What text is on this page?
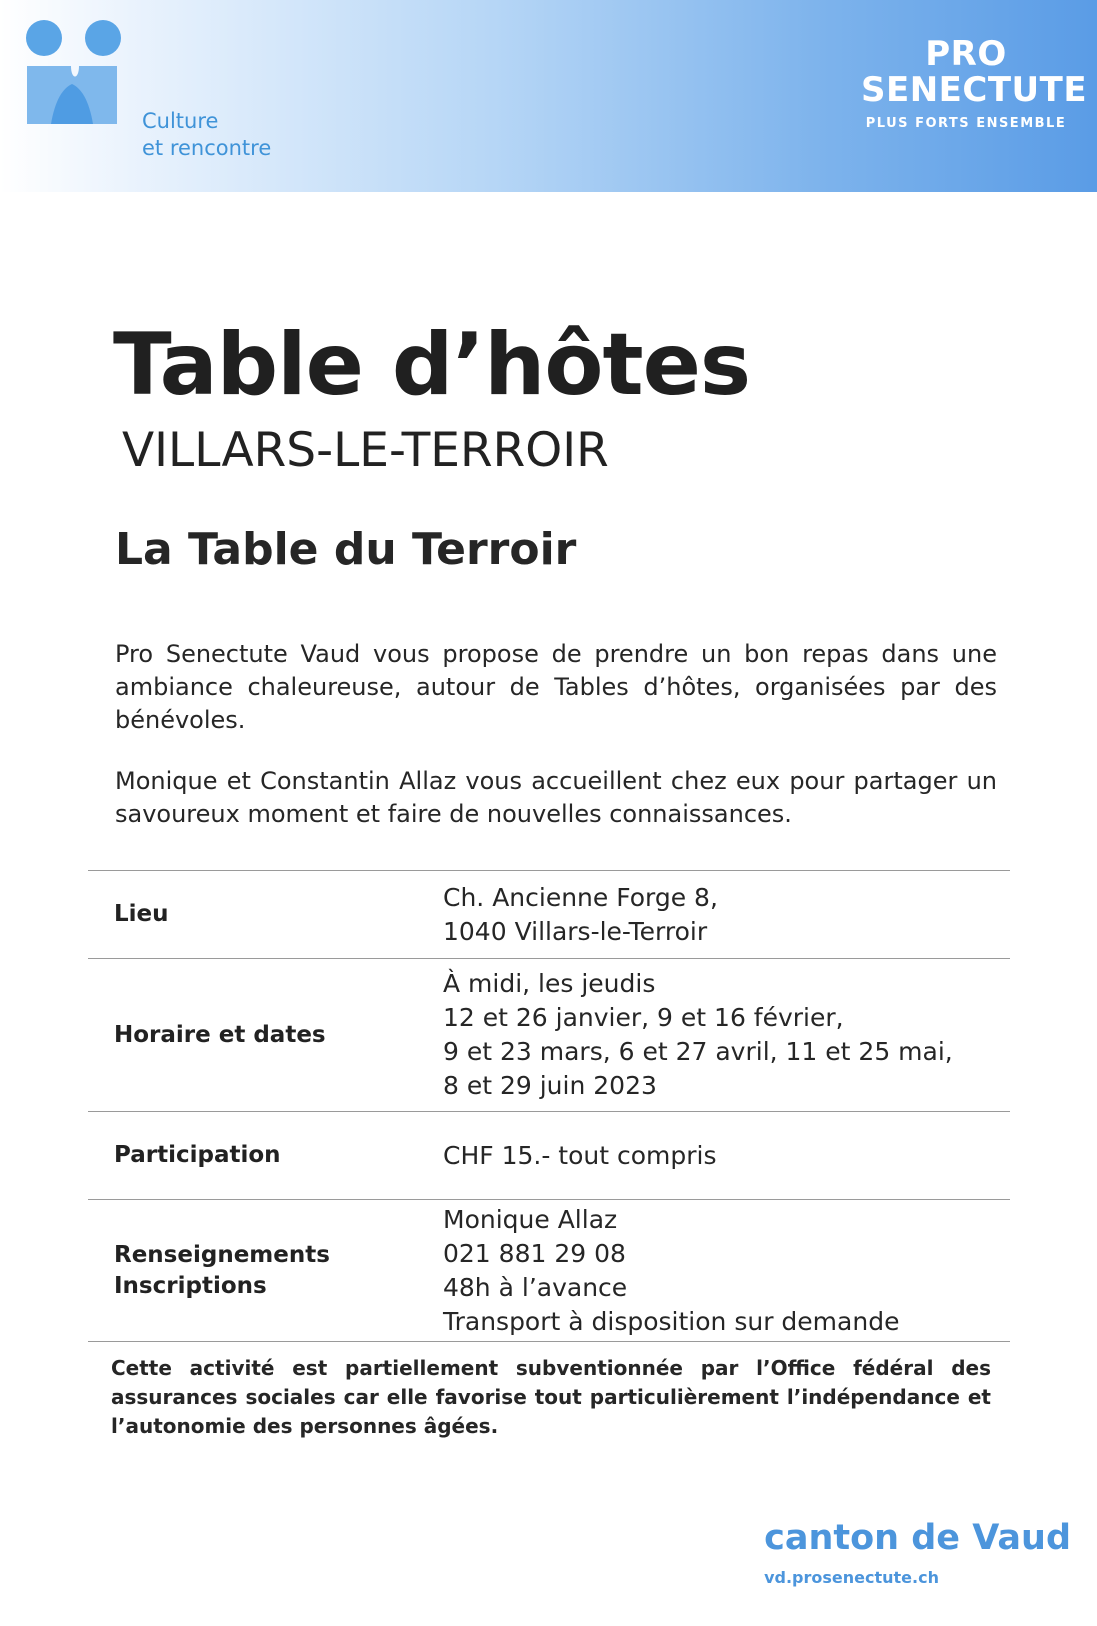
Culture
et rencontre
PRO
SENECTUTE
PLUS FORTS ENSEMBLE
Table d’hôtes
VILLARS-LE-TERROIR
La Table du Terroir

Pro Senectute Vaud vous propose de prendre un bon repas dans une ambiance chaleureuse, autour de Tables d’hôtes, organisées par des bénévoles.

Monique et Constantin Allaz vous accueillent chez eux pour partager un savoureux moment et faire de nouvelles connaissances.

Lieu
Ch. Ancienne Forge 8,
1040 Villars-le-Terroir
Horaire et dates
À midi, les jeudis
12 et 26 janvier, 9 et 16 février,
9 et 23 mars, 6 et 27 avril, 11 et 25 mai,
8 et 29 juin 2023
Participation	CHF 15.- tout compris
Renseignements
Inscriptions
Monique Allaz
021 881 29 08
48h à l’avance
Transport à disposition sur demande
Cette activité est partiellement subventionnée par l’Office fédéral des assurances sociales car elle favorise tout particulièrement l’indépendance et l’autonomie des personnes âgées.
canton de Vaud
vd.prosenectute.ch
